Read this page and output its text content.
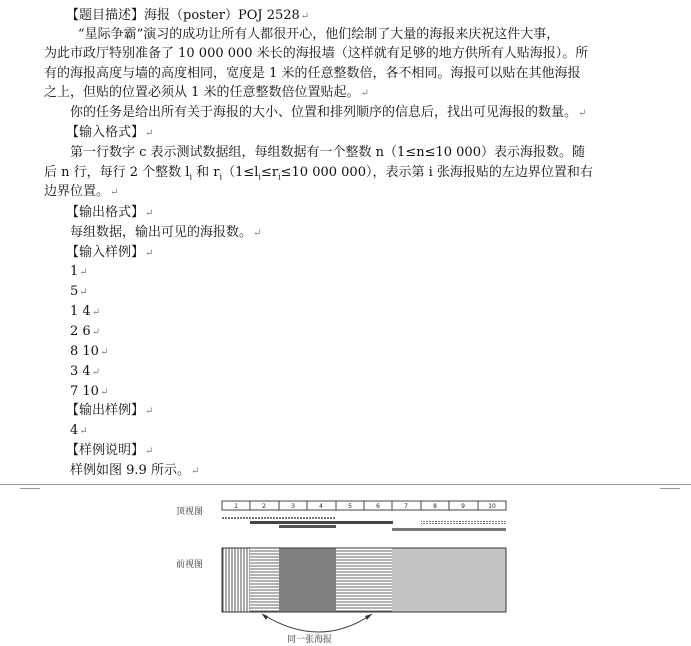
【题目描述】海报（poster）POJ 2528↵
“星际争霸”演习的成功让所有人都很开心，他们绘制了大量的海报来庆祝这件大事，
为此市政厅特别准备了 10 000 000 米长的海报墙（这样就有足够的地方供所有人贴海报）。所
有的海报高度与墙的高度相同，宽度是 1 米的任意整数倍，各不相同。海报可以贴在其他海报
之上，但贴的位置必须从 1 米的任意整数倍位置贴起。↵
你的任务是给出所有关于海报的大小、位置和排列顺序的信息后，找出可见海报的数量。↵
【输入格式】↵
第一行数字 c 表示测试数据组，每组数据有一个整数 n（1≤n≤10 000）表示海报数。随
后 n 行，每行 2 个整数 $l_i$ 和 $r_i(1\le l_i\le r_i\le 10$ 000 000），表示第 i 张海报贴的左边界位置和右
边界位置。↵
【输出格式】↵
每组数据，输出可见的海报数。↵
【输入样例】↵
1↵
5↵
1 4↵
2 6↵
8 10↵
3 4↵
7 10↵
【输出样例】↵
4↵
【样例说明】↵
样例如图 9.9 所示。↵
顶视图
前视图
1	2	3	4	5	6	7	8	9	10
同一张海报
